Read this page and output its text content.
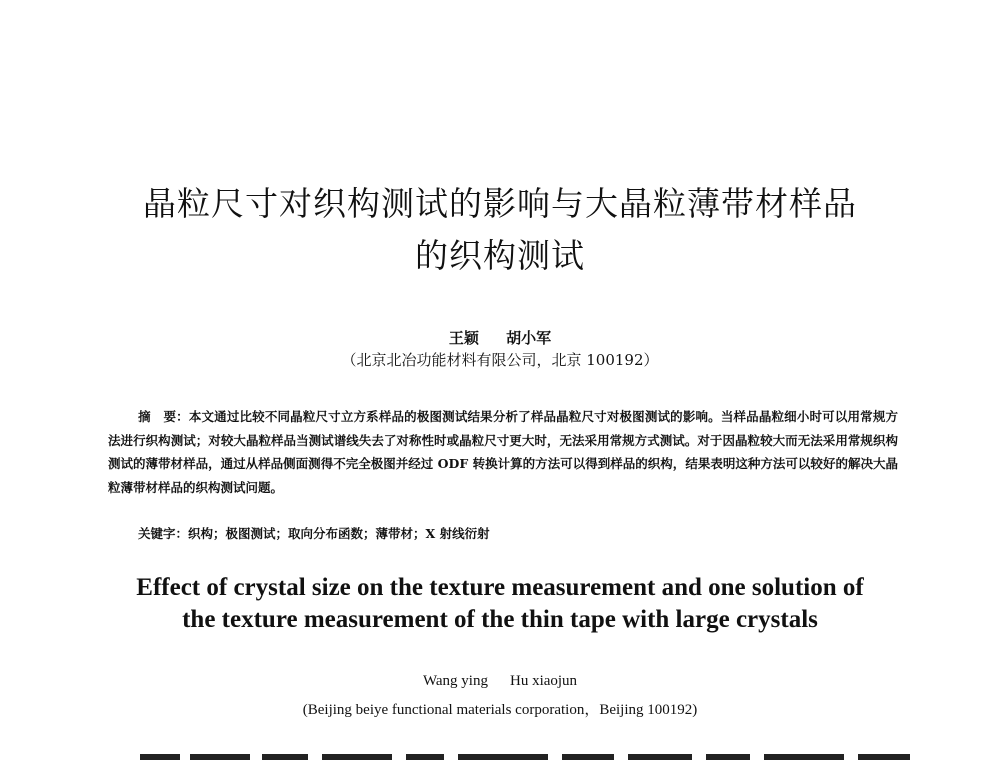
晶粒尺寸对织构测试的影响与大晶粒薄带材样品
的织构测试
王颖 胡小军
（北京北冶功能材料有限公司，北京 100192）
摘　要：本文通过比较不同晶粒尺寸立方系样品的极图测试结果分析了样品晶粒尺寸对极图测试的影响。当样品晶粒细小时可以用常规方法进行织构测试；对较大晶粒样品当测试谱线失去了对称性时或晶粒尺寸更大时，无法采用常规方式测试。对于因晶粒较大而无法采用常规织构测试的薄带材样品，通过从样品侧面测得不完全极图并经过 ODF 转换计算的方法可以得到样品的织构，结果表明这种方法可以较好的解决大晶粒薄带材样品的织构测试问题。
关键字：织构；极图测试；取向分布函数；薄带材；X 射线衍射
Effect of crystal size on the texture measurement and one solution of
the texture measurement of the thin tape with large crystals
Wang ying Hu xiaojun
(Beijing beiye functional materials corporation，Beijing 100192)
